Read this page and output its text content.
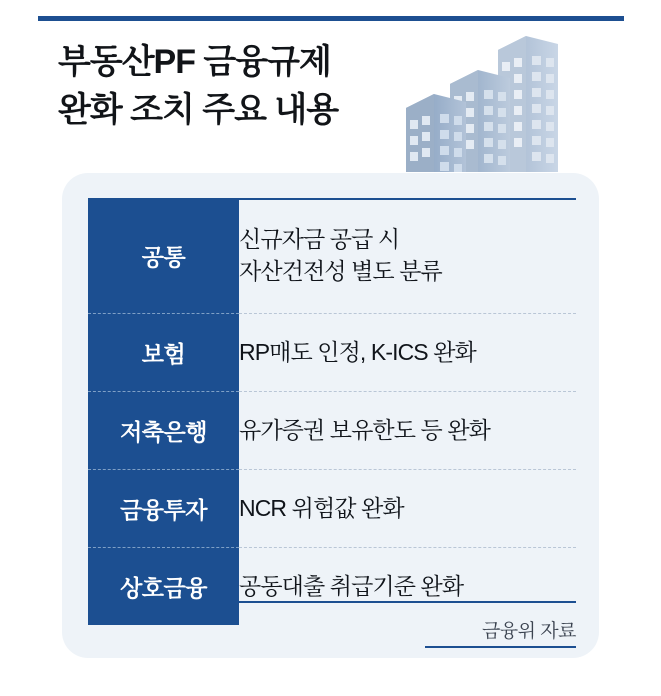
부동산PF 금융규제
완화 조치 주요 내용
공통	신규자금 공급 시
자산건전성 별도 분류

보험	RP매도 인정, K-ICS 완화
저축은행	유가증권 보유한도 등 완화
금융투자	NCR 위험값 완화
상호금융	공동대출 취급기준 완화
금융위 자료
